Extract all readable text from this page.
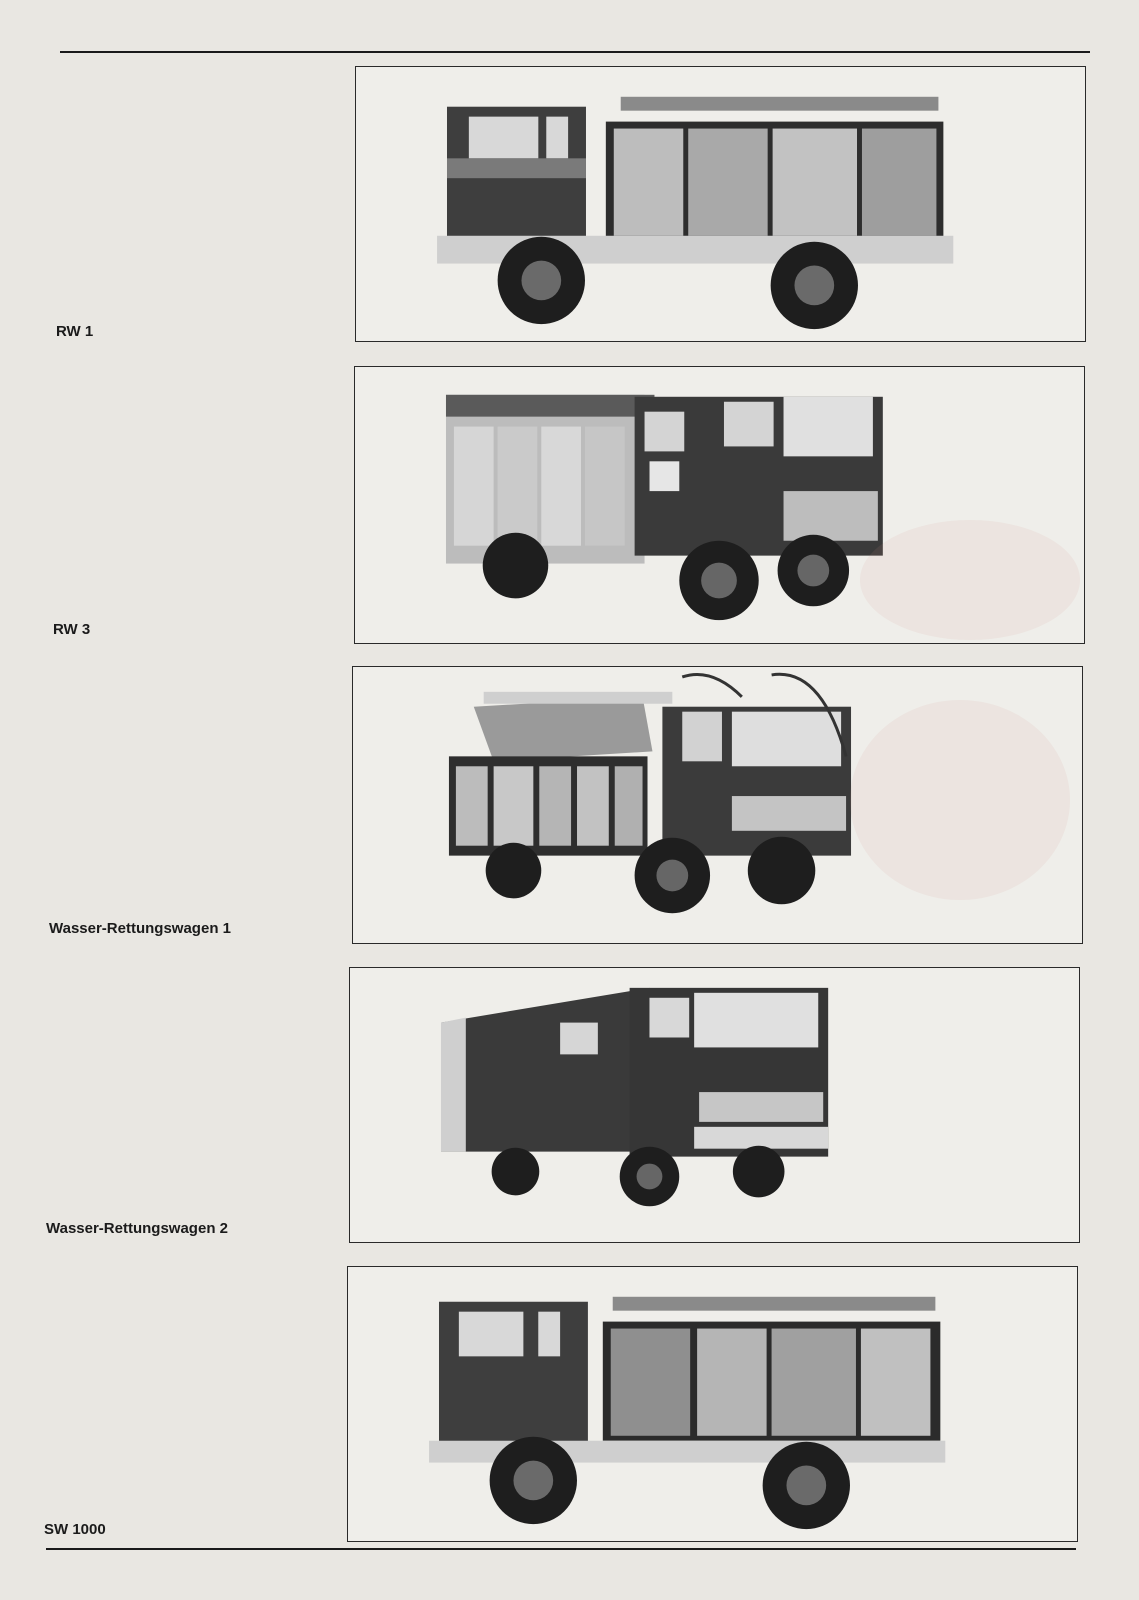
RW 1
RW 3
Wasser-Rettungswagen 1
Wasser-Rettungswagen 2
SW 1000
